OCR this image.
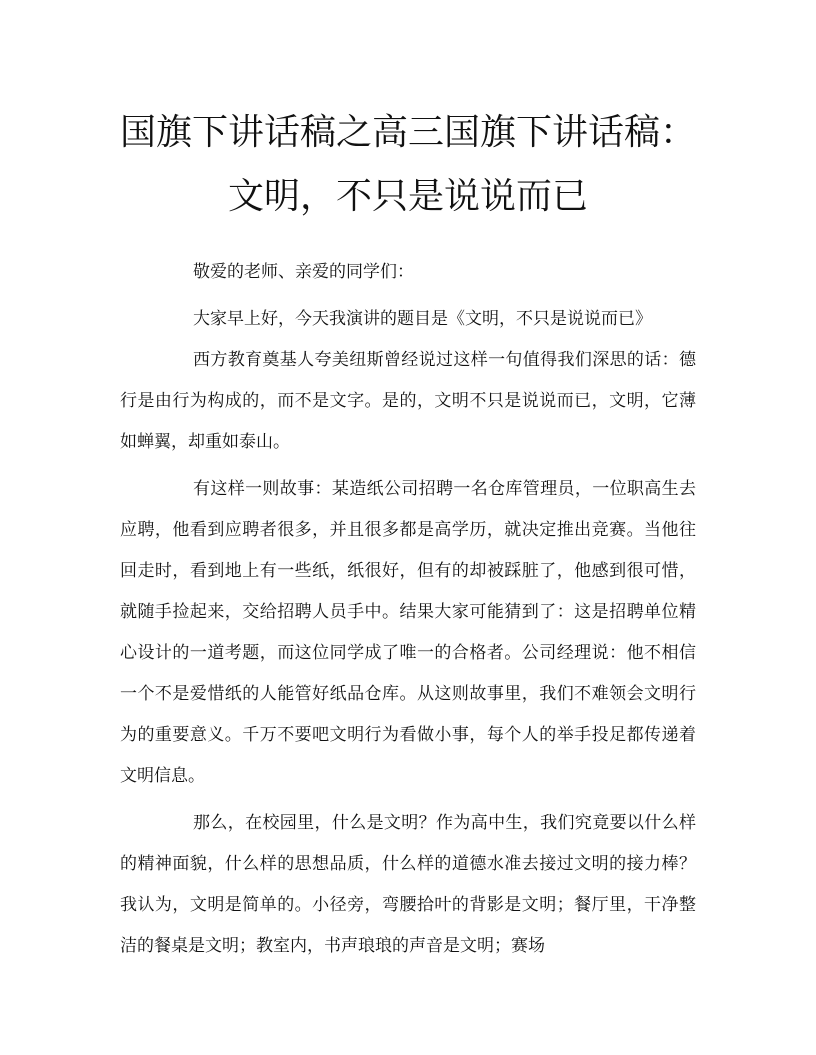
国旗下讲话稿之高三国旗下讲话稿：文明，不只是说说而已

敬爱的老师、亲爱的同学们：

大家早上好，今天我演讲的题目是《文明，不只是说说而已》

西方教育奠基人夸美纽斯曾经说过这样一句值得我们深思的话：德行是由行为构成的，而不是文字。是的，文明不只是说说而已，文明，它薄如蝉翼，却重如泰山。

有这样一则故事：某造纸公司招聘一名仓库管理员，一位职高生去应聘，他看到应聘者很多，并且很多都是高学历，就决定推出竞赛。当他往回走时，看到地上有一些纸，纸很好，但有的却被踩脏了，他感到很可惜，就随手捡起来，交给招聘人员手中。结果大家可能猜到了：这是招聘单位精心设计的一道考题，而这位同学成了唯一的合格者。公司经理说：他不相信一个不是爱惜纸的人能管好纸品仓库。从这则故事里，我们不难领会文明行为的重要意义。千万不要吧文明行为看做小事，每个人的举手投足都传递着文明信息。

那么，在校园里，什么是文明？作为高中生，我们究竟要以什么样的精神面貌，什么样的思想品质，什么样的道德水准去接过文明的接力棒？我认为，文明是简单的。小径旁，弯腰拾叶的背影是文明；餐厅里，干净整洁的餐桌是文明；教室内，书声琅琅的声音是文明；赛场
